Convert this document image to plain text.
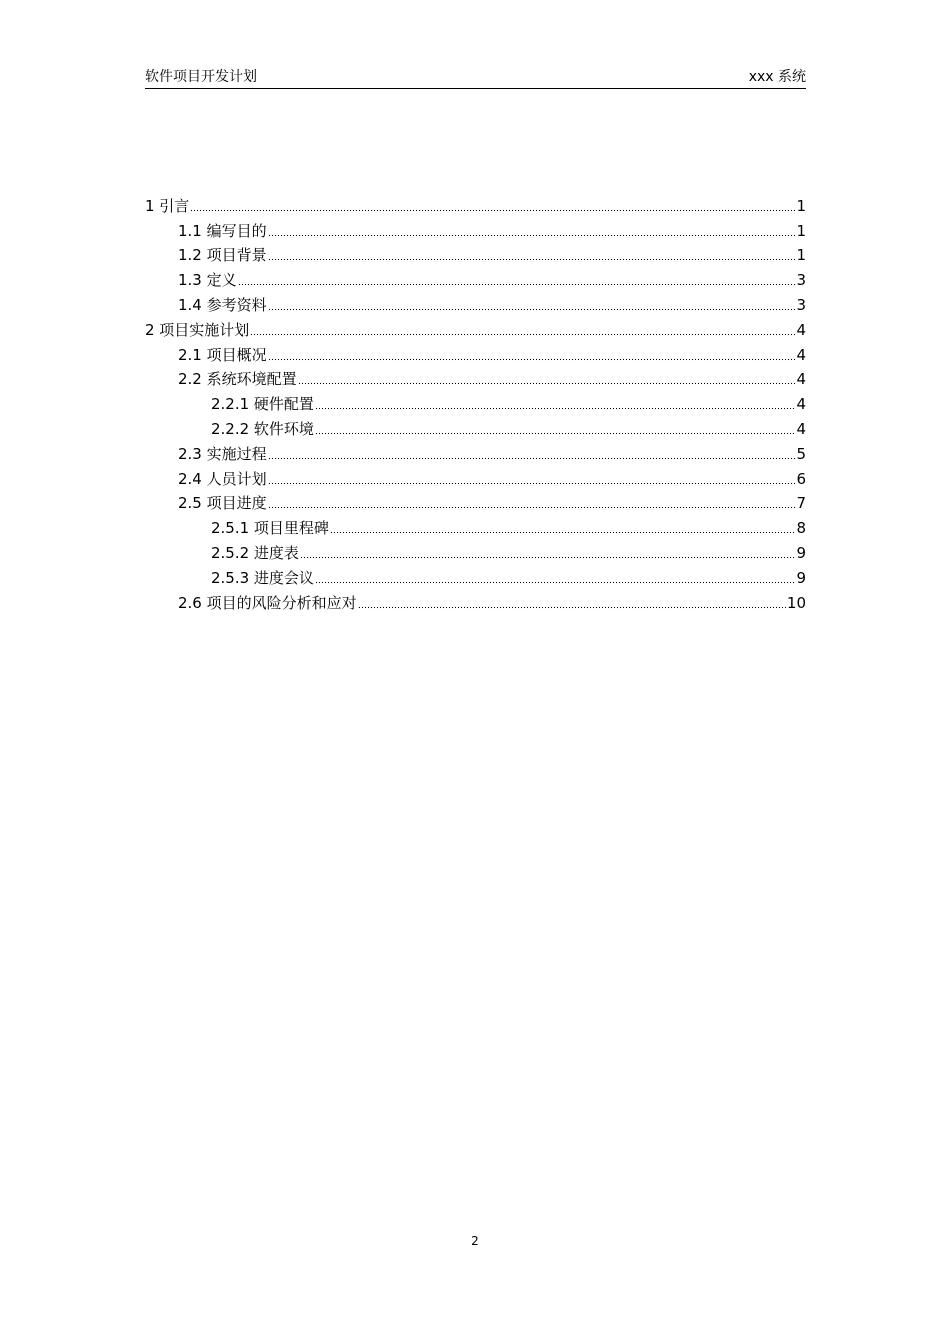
软件项目开发计划	xxx 系统
1 引言	1
1.1 编写目的	1
1.2 项目背景	1
1.3 定义	3
1.4 参考资料	3
2 项目实施计划	4
2.1 项目概况	4
2.2 系统环境配置	4
2.2.1 硬件配置	4
2.2.2 软件环境	4
2.3 实施过程	5
2.4 人员计划	6
2.5 项目进度	7
2.5.1 项目里程碑	8
2.5.2 进度表	9
2.5.3 进度会议	9
2.6 项目的风险分析和应对	10
2
